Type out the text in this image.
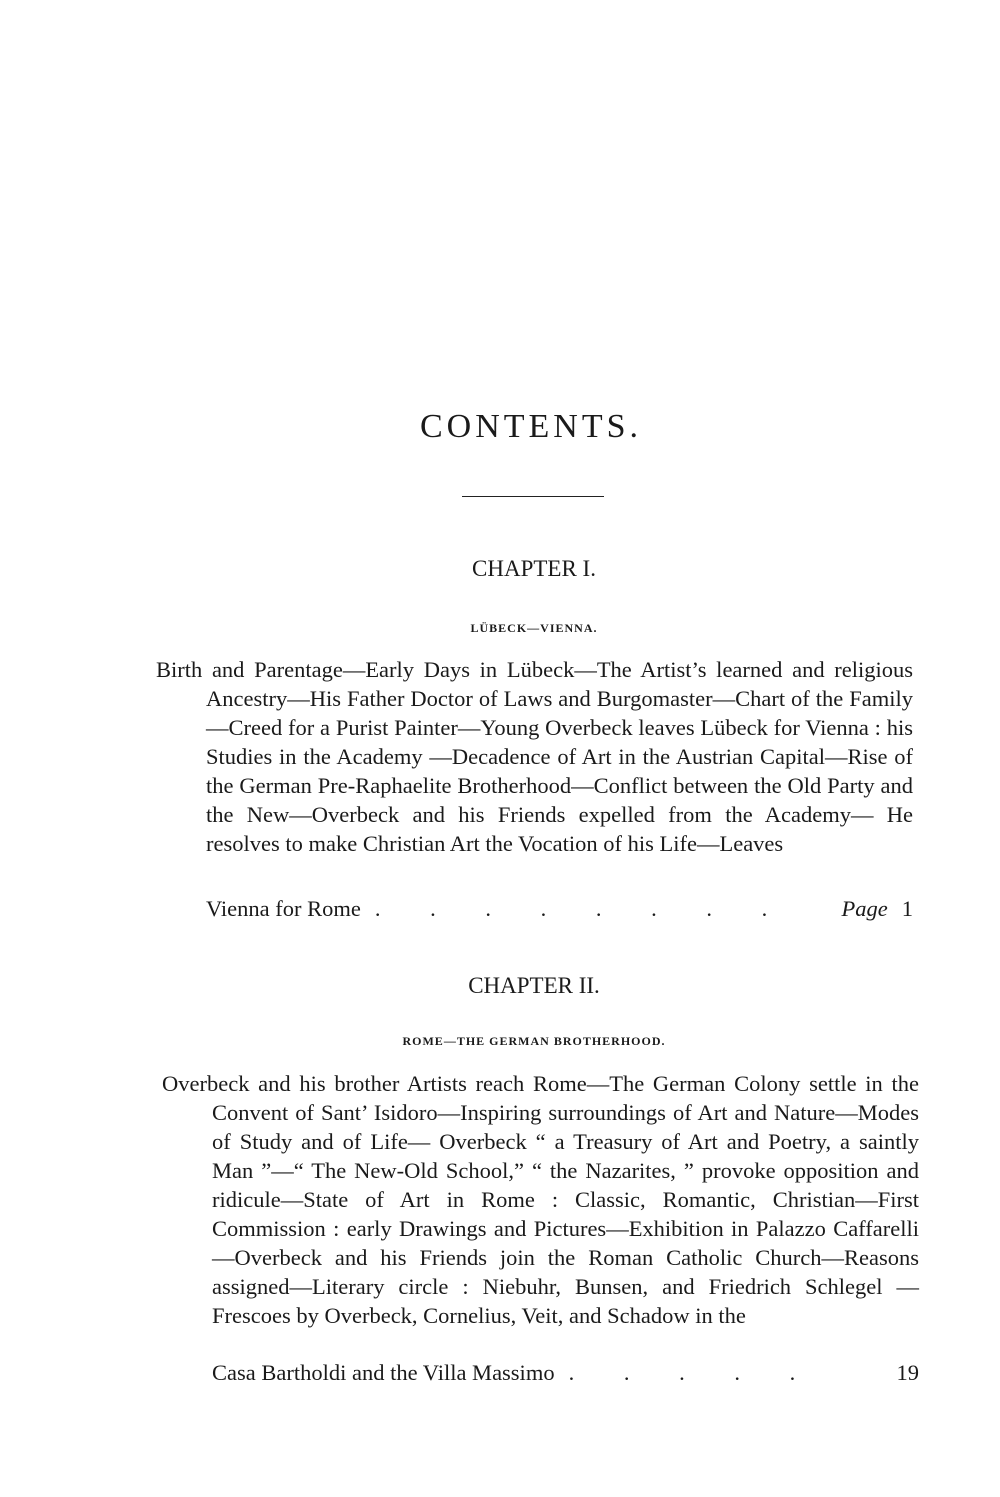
CONTENTS.
CHAPTER I.

LÜBECK—VIENNA.

Birth and Parentage—Early Days in Lübeck—The Artist’s learned and religious Ancestry—His Father Doctor of Laws and Burgomaster—Chart of the Family—Creed for a Purist Painter—Young Overbeck leaves Lübeck for Vienna : his Studies in the Academy —Decadence of Art in the Austrian Capital—Rise of the German Pre-Raphaelite Brotherhood—Conflict between the Old Party and the New—Overbeck and his Friends expelled from the Academy— He resolves to make Christian Art the Vocation of his Life—Leaves

Vienna for Rome . . . . . . . .	Page 1
CHAPTER II.

ROME—THE GERMAN BROTHERHOOD.

Overbeck and his brother Artists reach Rome—The German Colony settle in the Convent of Sant’ Isidoro—Inspiring surroundings of Art and Nature—Modes of Study and of Life— Overbeck “ a Treasury of Art and Poetry, a saintly Man ”—“ The New-Old School,” “ the Nazarites, ” provoke opposition and ridicule—State of Art in Rome : Classic, Romantic, Christian—First Commission : early Drawings and Pictures—Exhibition in Palazzo Caffarelli—Overbeck and his Friends join the Roman Catholic Church—Reasons assigned—Literary circle : Niebuhr, Bunsen, and Friedrich Schlegel —Frescoes by Overbeck, Cornelius, Veit, and Schadow in the

Casa Bartholdi and the Villa Massimo . . . . .	19
